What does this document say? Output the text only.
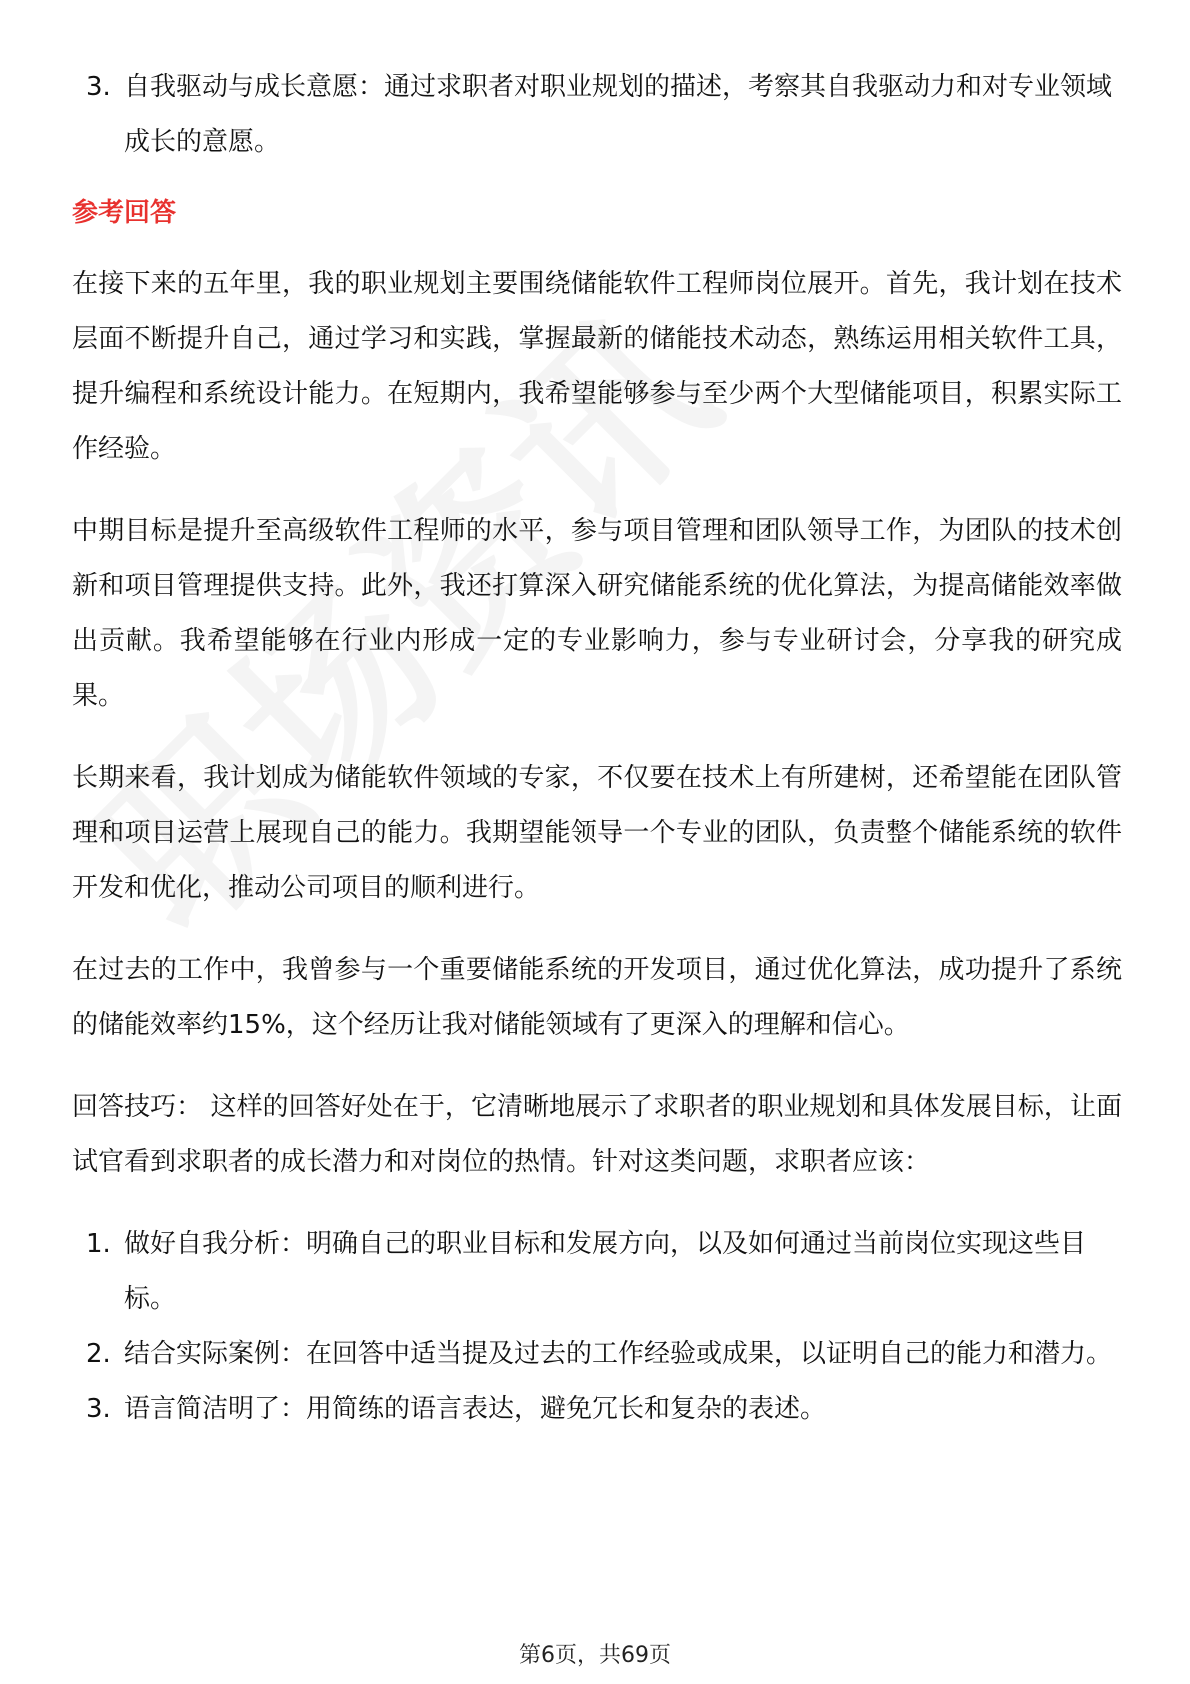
3. 自我驱动与成长意愿：通过求职者对职业规划的描述，考察其自我驱动力和对专业领域成长的意愿。
参考回答

在接下来的五年里，我的职业规划主要围绕储能软件工程师岗位展开。首先，我计划在技术层面不断提升自己，通过学习和实践，掌握最新的储能技术动态，熟练运用相关软件工具，提升编程和系统设计能力。在短期内，我希望能够参与至少两个大型储能项目，积累实际工作经验。

中期目标是提升至高级软件工程师的水平，参与项目管理和团队领导工作，为团队的技术创新和项目管理提供支持。此外，我还打算深入研究储能系统的优化算法，为提高储能效率做出贡献。我希望能够在行业内形成一定的专业影响力，参与专业研讨会，分享我的研究成果。

长期来看，我计划成为储能软件领域的专家，不仅要在技术上有所建树，还希望能在团队管理和项目运营上展现自己的能力。我期望能领导一个专业的团队，负责整个储能系统的软件开发和优化，推动公司项目的顺利进行。

在过去的工作中，我曾参与一个重要储能系统的开发项目，通过优化算法，成功提升了系统的储能效率约15%，这个经历让我对储能领域有了更深入的理解和信心。

回答技巧： 这样的回答好处在于，它清晰地展示了求职者的职业规划和具体发展目标，让面试官看到求职者的成长潜力和对岗位的热情。针对这类问题，求职者应该：

1. 做好自我分析：明确自己的职业目标和发展方向，以及如何通过当前岗位实现这些目标。
2. 结合实际案例：在回答中适当提及过去的工作经验或成果，以证明自己的能力和潜力。
3. 语言简洁明了：用简练的语言表达，避免冗长和复杂的表述。
第6页，共69页
